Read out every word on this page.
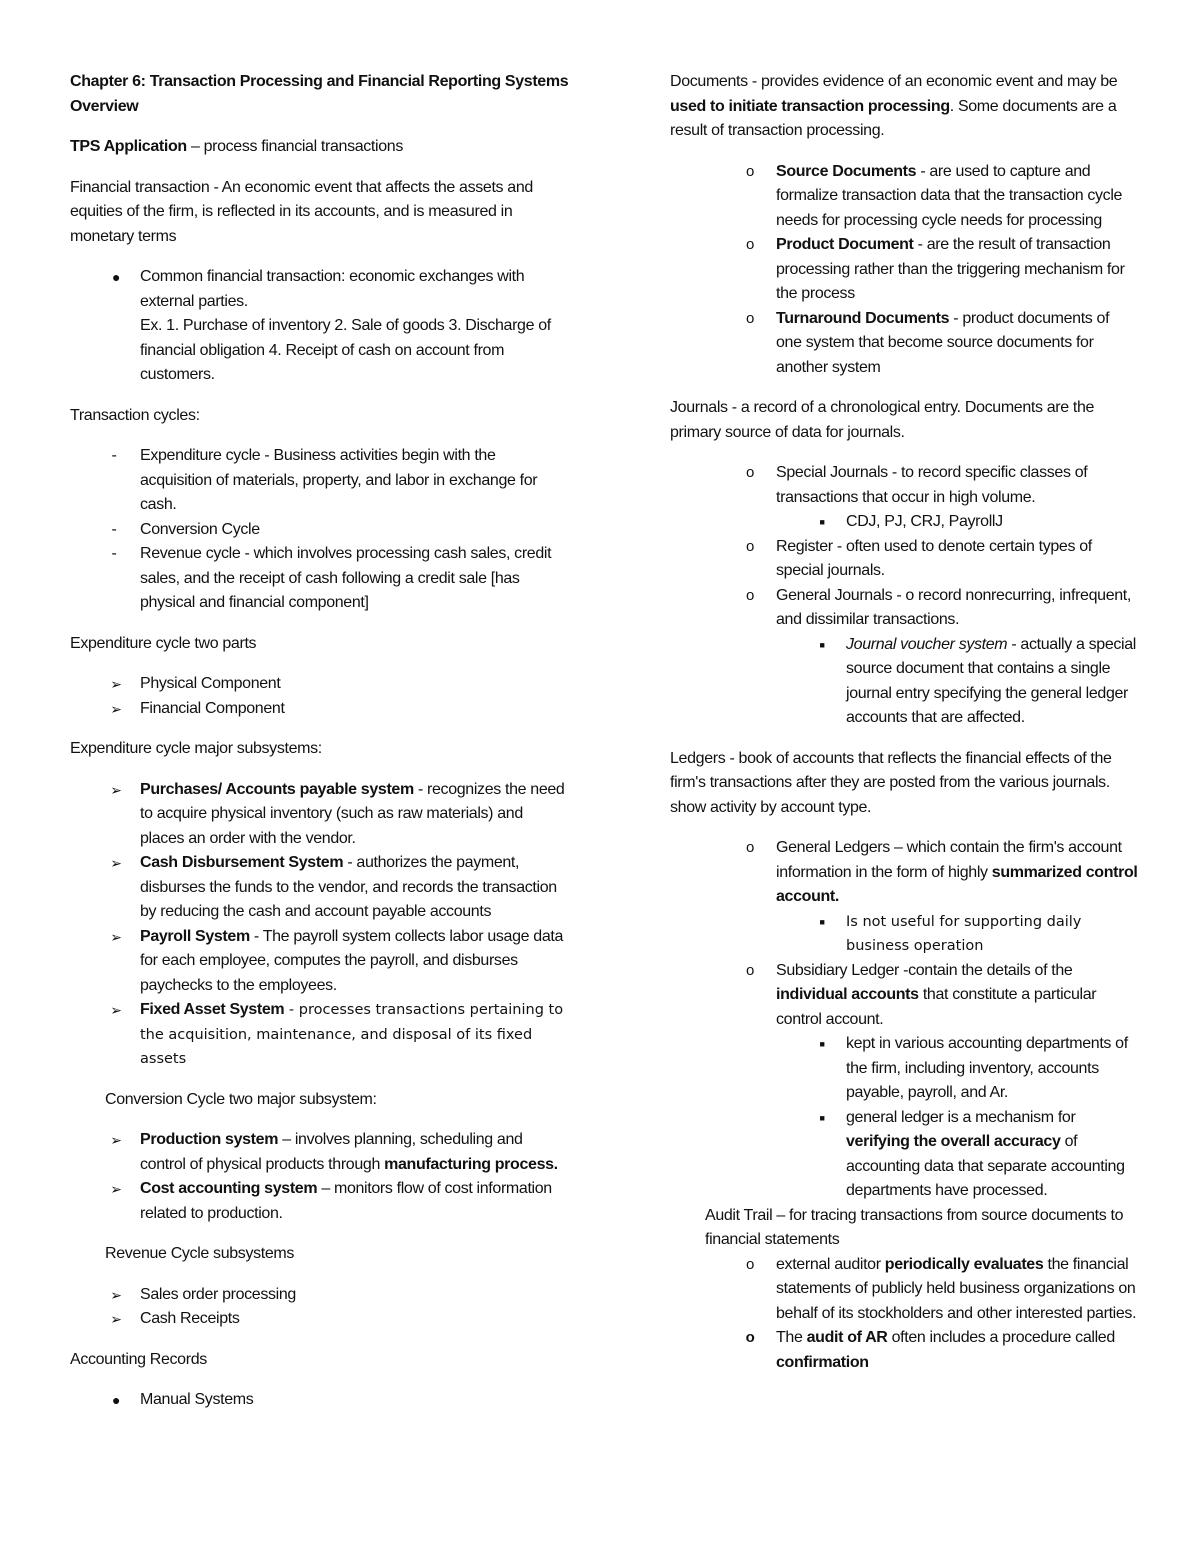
Chapter 6: Transaction Processing and Financial Reporting Systems Overview

TPS Application – process financial transactions

Financial transaction - An economic event that affects the assets and equities of the firm, is reflected in its accounts, and is measured in monetary terms

●	Common financial transaction: economic exchanges with external parties.
Ex. 1. Purchase of inventory 2. Sale of goods 3. Discharge of financial obligation 4. Receipt of cash on account from customers.

Transaction cycles:

-	Expenditure cycle - Business activities begin with the acquisition of materials, property, and labor in exchange for cash.
-	Conversion Cycle
-	Revenue cycle - which involves processing cash sales, credit sales, and the receipt of cash following a credit sale [has physical and financial component]

Expenditure cycle two parts

➢ Physical Component
➢ Financial Component

Expenditure cycle major subsystems:

➢ Purchases/ Accounts payable system - recognizes the need to acquire physical inventory (such as raw materials) and places an order with the vendor.
➢ Cash Disbursement System - authorizes the payment, disburses the funds to the vendor, and records the transaction by reducing the cash and account payable accounts
➢ Payroll System - The payroll system collects labor usage data for each employee, computes the payroll, and disburses paychecks to the employees.
➢ Fixed Asset System - processes transactions pertaining to the acquisition, maintenance, and disposal of its fixed assets

Conversion Cycle two major subsystem:

➢ Production system – involves planning, scheduling and control of physical products through manufacturing process.
➢ Cost accounting system – monitors flow of cost information related to production.

Revenue Cycle subsystems

➢ Sales order processing
➢ Cash Receipts

Accounting Records

●	Manual Systems

Documents - provides evidence of an economic event and may be used to initiate transaction processing. Some documents are a result of transaction processing.

o	Source Documents - are used to capture and formalize transaction data that the transaction cycle needs for processing cycle needs for processing
o	Product Document - are the result of transaction processing rather than the triggering mechanism for the process
o	Turnaround Documents - product documents of one system that become source documents for another system

Journals - a record of a chronological entry. Documents are the primary source of data for journals.

o	Special Journals - to record specific classes of transactions that occur in high volume.
■	CDJ, PJ, CRJ, PayrollJ
o	Register - often used to denote certain types of special journals.
o	General Journals - o record nonrecurring, infrequent, and dissimilar transactions.
■	Journal voucher system - actually a special source document that contains a single journal entry specifying the general ledger accounts that are affected.

Ledgers - book of accounts that reflects the financial effects of the firm's transactions after they are posted from the various journals. show activity by account type.

o	General Ledgers – which contain the firm's account information in the form of highly summarized control account.
■	Is not useful for supporting daily business operation
o	Subsidiary Ledger -contain the details of the individual accounts that constitute a particular control account.
■	kept in various accounting departments of the firm, including inventory, accounts payable, payroll, and Ar.
■	general ledger is a mechanism for verifying the overall accuracy of accounting data that separate accounting departments have processed.

Audit Trail – for tracing transactions from source documents to financial statements

o	external auditor periodically evaluates the financial statements of publicly held business organizations on behalf of its stockholders and other interested parties.
o	The audit of AR often includes a procedure called confirmation
